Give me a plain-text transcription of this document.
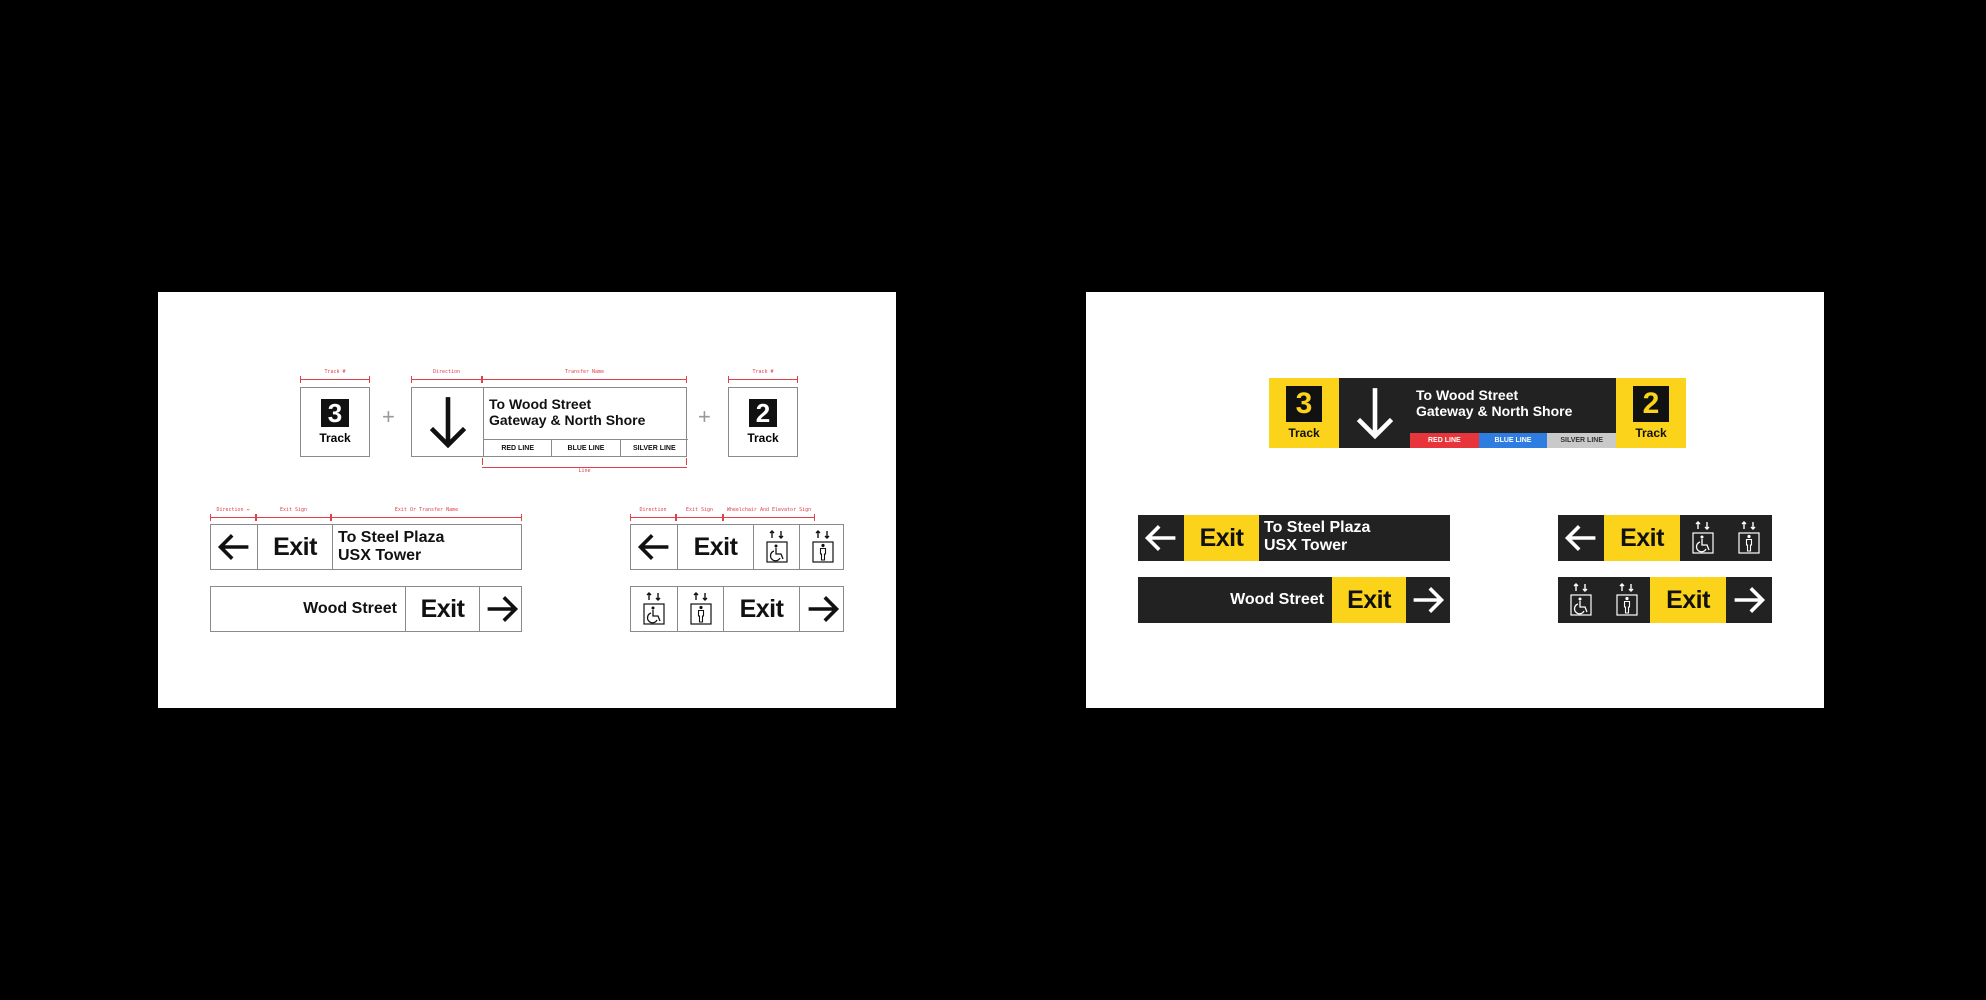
Track #	Direction	Transfer Name	Track #
3
Track
+	To Wood Street
Gateway & North Shore
RED LINE	BLUE LINE	SILVER LINE
+ 2
Track
Line
Direction ↔	Exit Sign	Exit Or Transfer Name	Direction	Exit Sign	Wheelchair And Elevator Sign
Exit To Steel Plaza
USX Tower
Wood Street Exit
Exit
Exit
3
Track
To Wood Street
Gateway & North Shore
RED LINE	BLUE LINE	SILVER LINE
2
Track
Exit To Steel Plaza
USX Tower
Wood Street Exit
Exit
Exit
